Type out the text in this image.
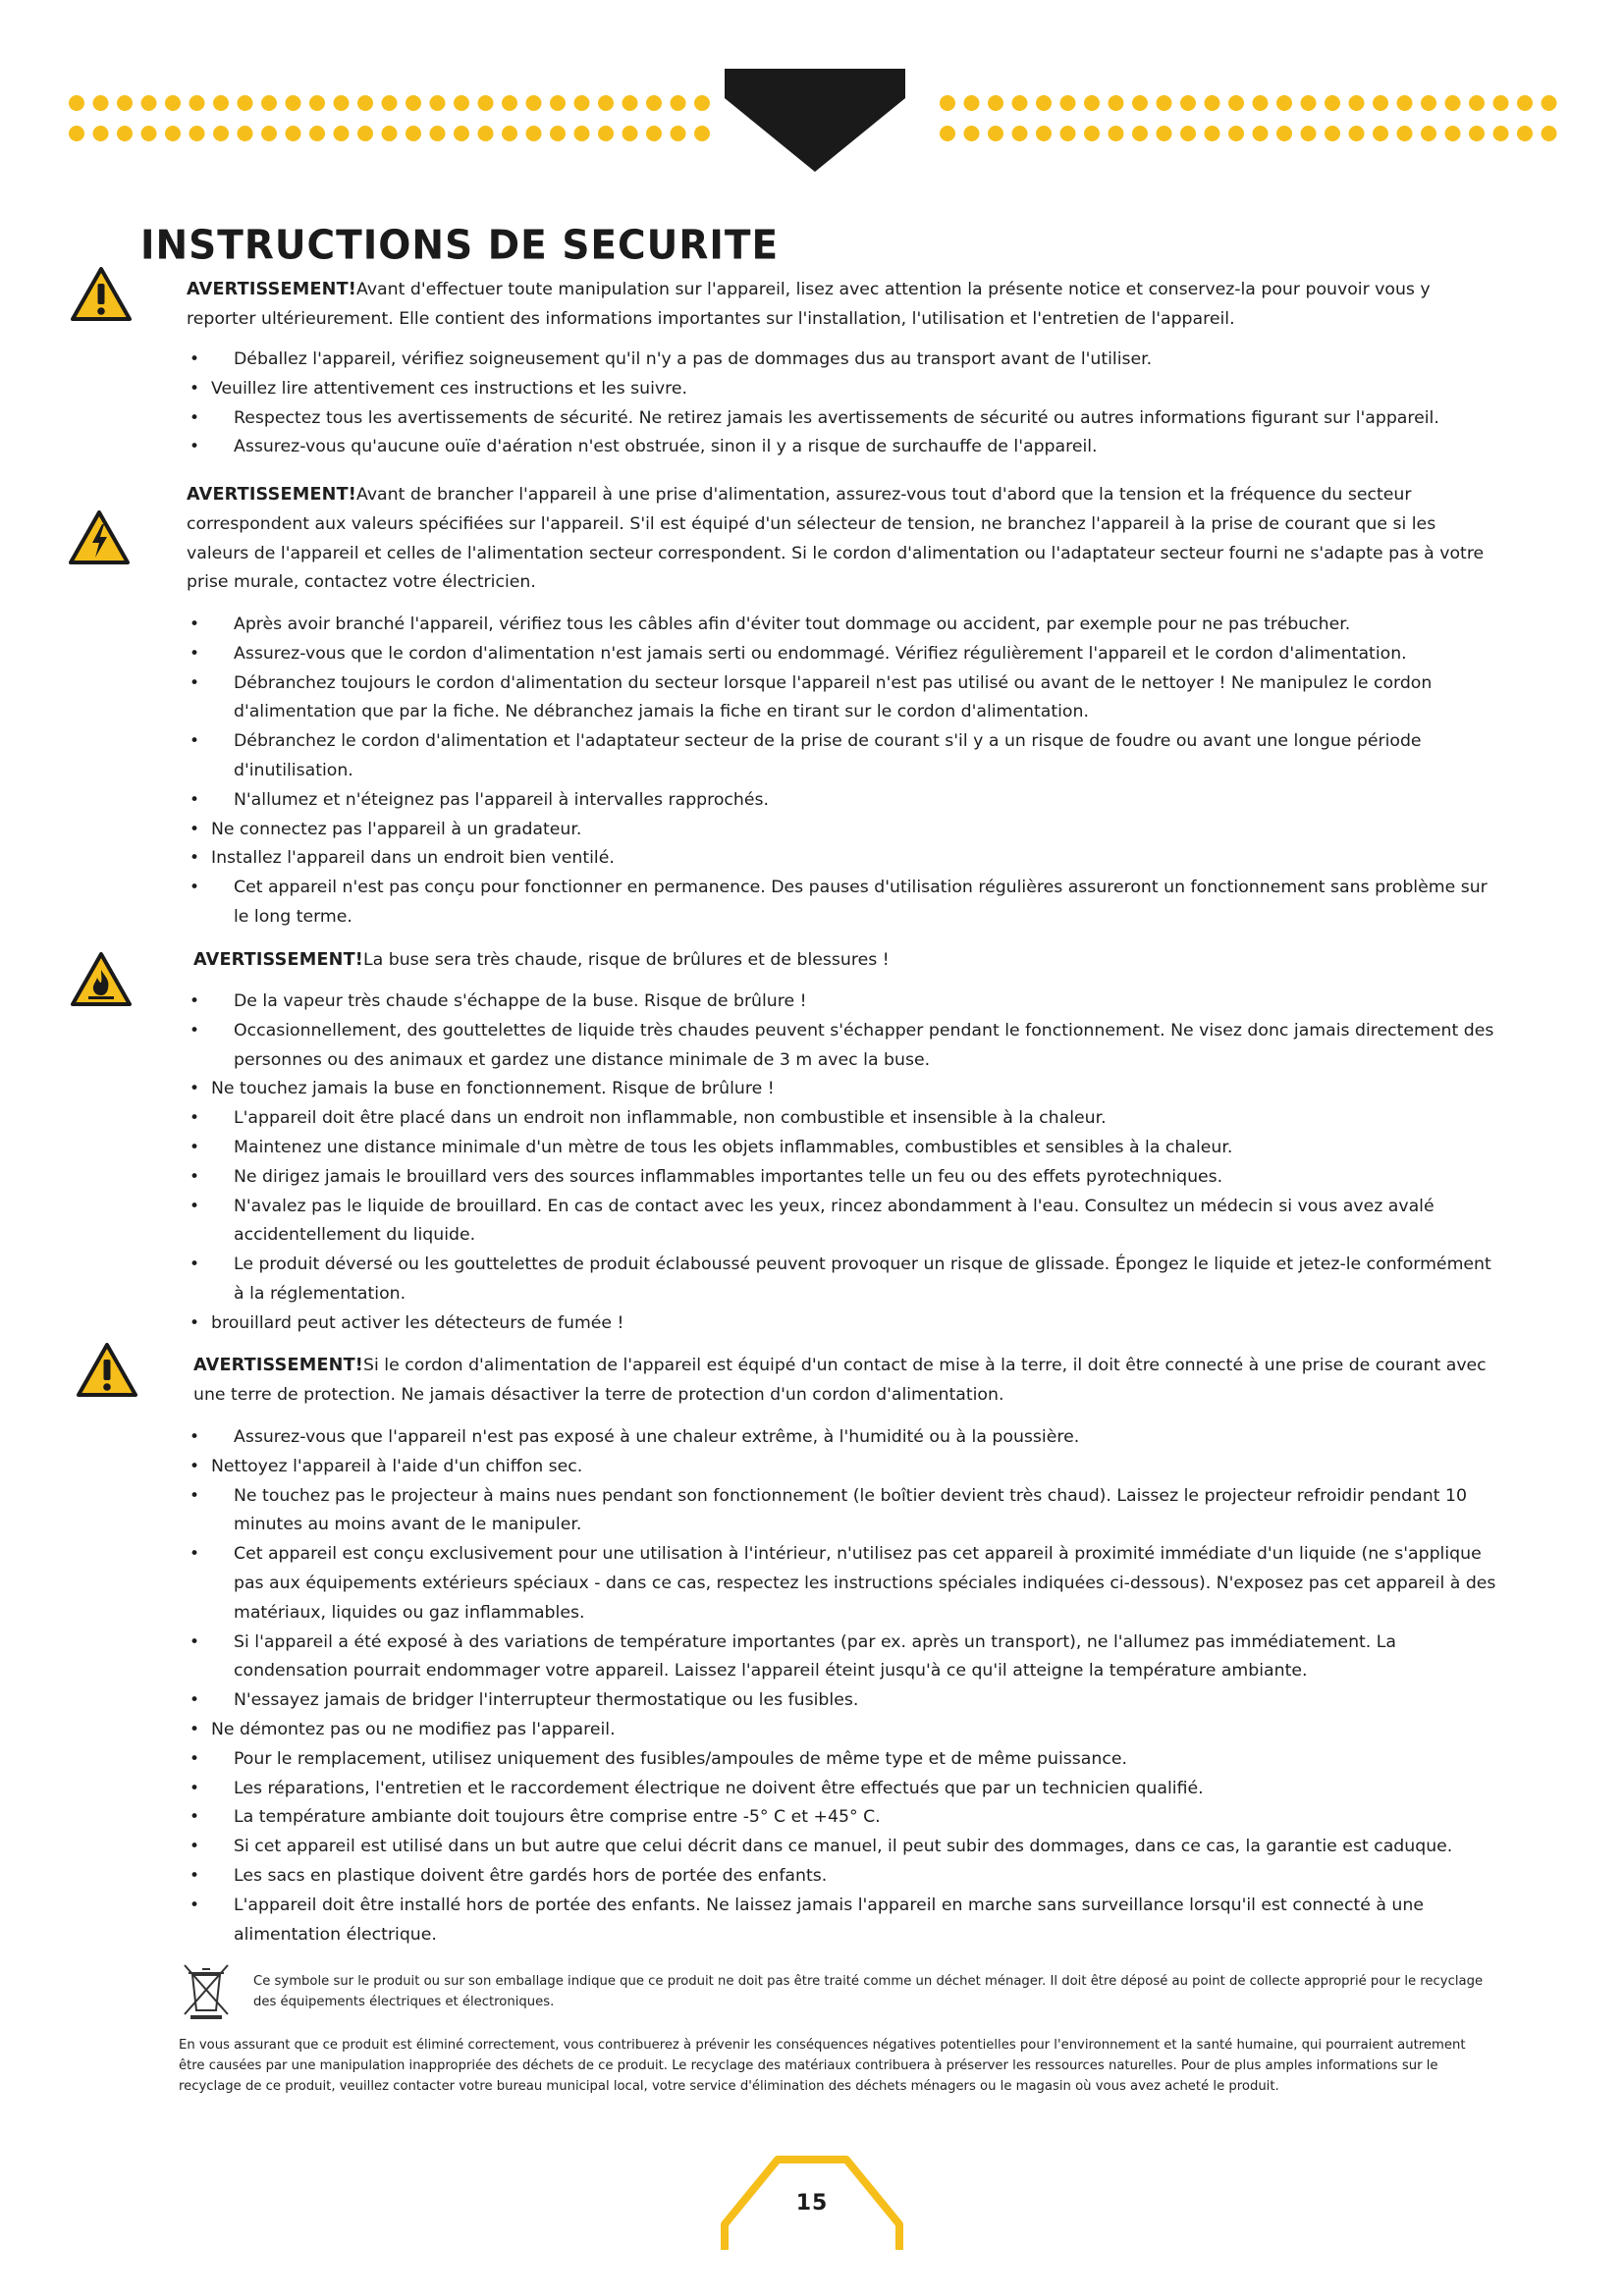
INSTRUCTIONS DE SECURITE

AVERTISSEMENT!Avant d'effectuer toute manipulation sur l'appareil, lisez avec attention la présente notice et conservez-la pour pouvoir vous y reporter ultérieurement. Elle contient des informations importantes sur l'installation, l'utilisation et l'entretien de l'appareil.

• Déballez l'appareil, vérifiez soigneusement qu'il n'y a pas de dommages dus au transport avant de l'utiliser.
• Veuillez lire attentivement ces instructions et les suivre.
• Respectez tous les avertissements de sécurité. Ne retirez jamais les avertissements de sécurité ou autres informations figurant sur l'appareil.
• Assurez-vous qu'aucune ouïe d'aération n'est obstruée, sinon il y a risque de surchauffe de l'appareil.

AVERTISSEMENT!Avant de brancher l'appareil à une prise d'alimentation, assurez-vous tout d'abord que la tension et la fréquence du secteur correspondent aux valeurs spécifiées sur l'appareil. S'il est équipé d'un sélecteur de tension, ne branchez l'appareil à la prise de courant que si les valeurs de l'appareil et celles de l'alimentation secteur correspondent. Si le cordon d'alimentation ou l'adaptateur secteur fourni ne s'adapte pas à votre prise murale, contactez votre électricien.

• Après avoir branché l'appareil, vérifiez tous les câbles afin d'éviter tout dommage ou accident, par exemple pour ne pas trébucher.
• Assurez-vous que le cordon d'alimentation n'est jamais serti ou endommagé. Vérifiez régulièrement l'appareil et le cordon d'alimentation.
• Débranchez toujours le cordon d'alimentation du secteur lorsque l'appareil n'est pas utilisé ou avant de le nettoyer ! Ne manipulez le cordon d'alimentation que par la fiche. Ne débranchez jamais la fiche en tirant sur le cordon d'alimentation.
• Débranchez le cordon d'alimentation et l'adaptateur secteur de la prise de courant s'il y a un risque de foudre ou avant une longue période d'inutilisation.
• N'allumez et n'éteignez pas l'appareil à intervalles rapprochés.
• Ne connectez pas l'appareil à un gradateur.
• Installez l'appareil dans un endroit bien ventilé.
• Cet appareil n'est pas conçu pour fonctionner en permanence. Des pauses d'utilisation régulières assureront un fonctionnement sans problème sur le long terme.

AVERTISSEMENT!La buse sera très chaude, risque de brûlures et de blessures !

• De la vapeur très chaude s'échappe de la buse. Risque de brûlure !
• Occasionnellement, des gouttelettes de liquide très chaudes peuvent s'échapper pendant le fonctionnement. Ne visez donc jamais directement des personnes ou des animaux et gardez une distance minimale de 3 m avec la buse.
• Ne touchez jamais la buse en fonctionnement. Risque de brûlure !
• L'appareil doit être placé dans un endroit non inflammable, non combustible et insensible à la chaleur.
• Maintenez une distance minimale d'un mètre de tous les objets inflammables, combustibles et sensibles à la chaleur.
• Ne dirigez jamais le brouillard vers des sources inflammables importantes telle un feu ou des effets pyrotechniques.
• N'avalez pas le liquide de brouillard. En cas de contact avec les yeux, rincez abondamment à l'eau. Consultez un médecin si vous avez avalé accidentellement du liquide.
• Le produit déversé ou les gouttelettes de produit éclaboussé peuvent provoquer un risque de glissade. Épongez le liquide et jetez-le conformément à la réglementation.
• brouillard peut activer les détecteurs de fumée !

AVERTISSEMENT!Si le cordon d'alimentation de l'appareil est équipé d'un contact de mise à la terre, il doit être connecté à une prise de courant avec une terre de protection. Ne jamais désactiver la terre de protection d'un cordon d'alimentation.

• Assurez-vous que l'appareil n'est pas exposé à une chaleur extrême, à l'humidité ou à la poussière.
• Nettoyez l'appareil à l'aide d'un chiffon sec.
• Ne touchez pas le projecteur à mains nues pendant son fonctionnement (le boîtier devient très chaud). Laissez le projecteur refroidir pendant 10 minutes au moins avant de le manipuler.
• Cet appareil est conçu exclusivement pour une utilisation à l'intérieur, n'utilisez pas cet appareil à proximité immédiate d'un liquide (ne s'applique pas aux équipements extérieurs spéciaux - dans ce cas, respectez les instructions spéciales indiquées ci-dessous). N'exposez pas cet appareil à des matériaux, liquides ou gaz inflammables.
• Si l'appareil a été exposé à des variations de température importantes (par ex. après un transport), ne l'allumez pas immédiatement. La condensation pourrait endommager votre appareil. Laissez l'appareil éteint jusqu'à ce qu'il atteigne la température ambiante.
• N'essayez jamais de bridger l'interrupteur thermostatique ou les fusibles.
• Ne démontez pas ou ne modifiez pas l'appareil.
• Pour le remplacement, utilisez uniquement des fusibles/ampoules de même type et de même puissance.
• Les réparations, l'entretien et le raccordement électrique ne doivent être effectués que par un technicien qualifié.
• La température ambiante doit toujours être comprise entre -5° C et +45° C.
• Si cet appareil est utilisé dans un but autre que celui décrit dans ce manuel, il peut subir des dommages, dans ce cas, la garantie est caduque.
• Les sacs en plastique doivent être gardés hors de portée des enfants.
• L'appareil doit être installé hors de portée des enfants. Ne laissez jamais l'appareil en marche sans surveillance lorsqu'il est connecté à une alimentation électrique.

Ce symbole sur le produit ou sur son emballage indique que ce produit ne doit pas être traité comme un déchet ménager. Il doit être déposé au point de collecte approprié pour le recyclage des équipements électriques et électroniques.

En vous assurant que ce produit est éliminé correctement, vous contribuerez à prévenir les conséquences négatives potentielles pour l'environnement et la santé humaine, qui pourraient autrement être causées par une manipulation inappropriée des déchets de ce produit. Le recyclage des matériaux contribuera à préserver les ressources naturelles. Pour de plus amples informations sur le recyclage de ce produit, veuillez contacter votre bureau municipal local, votre service d'élimination des déchets ménagers ou le magasin où vous avez acheté le produit.

15
